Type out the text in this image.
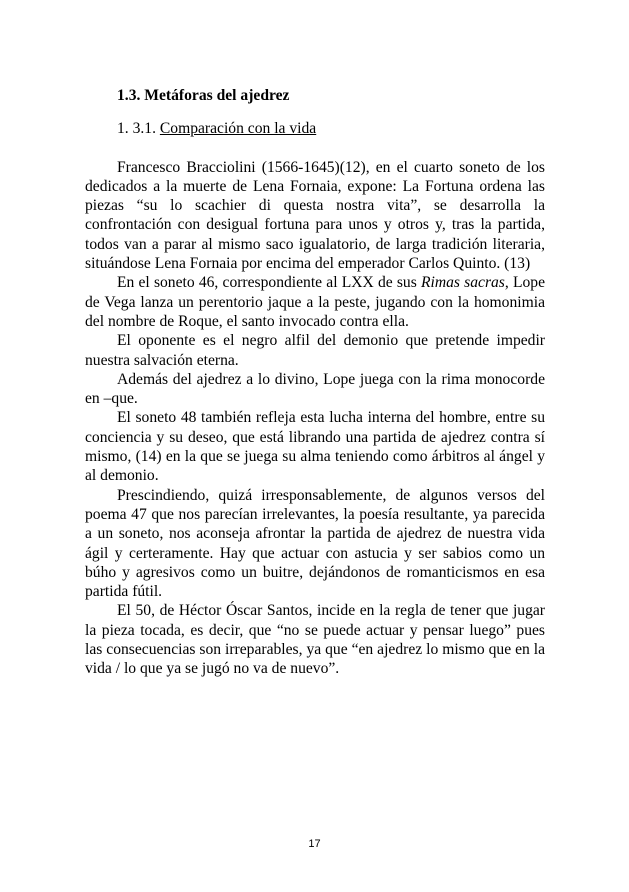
1.3. Metáforas del ajedrez
1. 3.1. Comparación con la vida

Francesco Bracciolini (1566-1645)(12), en el cuarto soneto de los dedicados a la muerte de Lena Fornaia, expone: La Fortuna ordena las piezas “su lo scachier di questa nostra vita”, se desarrolla la confrontación con desigual fortuna para unos y otros y, tras la partida, todos van a parar al mismo saco igualatorio, de larga tradición literaria, situándose Lena Fornaia por encima del emperador Carlos Quinto. (13)

En el soneto 46, correspondiente al LXX de sus Rimas sacras, Lope de Vega lanza un perentorio jaque a la peste, jugando con la homonimia del nombre de Roque, el santo invocado contra ella.

El oponente es el negro alfil del demonio que pretende impedir nuestra salvación eterna.

Además del ajedrez a lo divino, Lope juega con la rima monocorde en –que.

El soneto 48 también refleja esta lucha interna del hombre, entre su conciencia y su deseo, que está librando una partida de ajedrez contra sí mismo, (14) en la que se juega su alma teniendo como árbitros al ángel y al demonio.

Prescindiendo, quizá irresponsablemente, de algunos versos del poema 47 que nos parecían irrelevantes, la poesía resultante, ya parecida a un soneto, nos aconseja afrontar la partida de ajedrez de nuestra vida ágil y certeramente. Hay que actuar con astucia y ser sabios como un búho y agresivos como un buitre, dejándonos de romanticismos en esa partida fútil.

El 50, de Héctor Óscar Santos, incide en la regla de tener que jugar la pieza tocada, es decir, que “no se puede actuar y pensar luego” pues las consecuencias son irreparables, ya que “en ajedrez lo mismo que en la vida / lo que ya se jugó no va de nuevo”.

17
